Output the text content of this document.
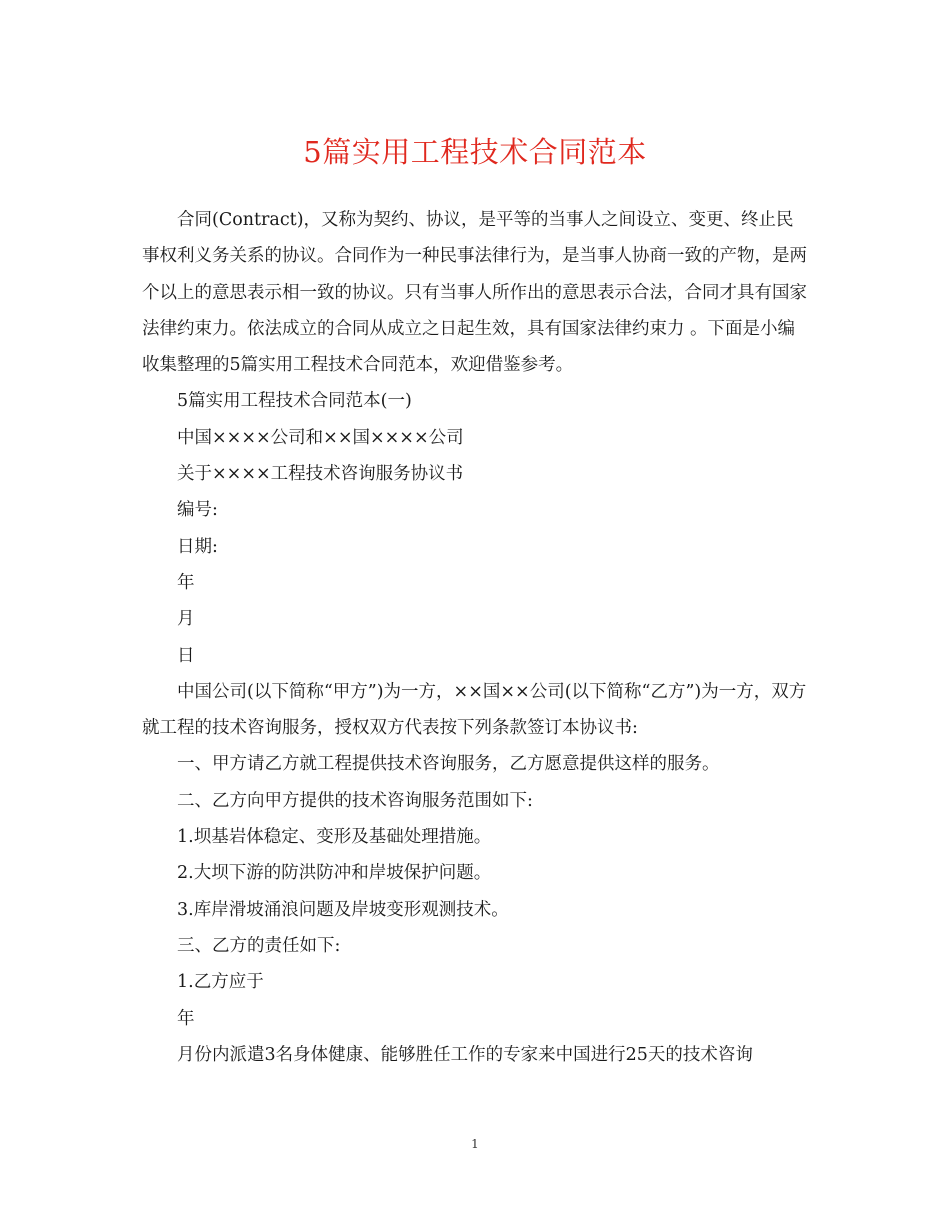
5篇实用工程技术合同范本

合同(Contract)，又称为契约、协议，是平等的当事人之间设立、变更、终止民事权利义务关系的协议。合同作为一种民事法律行为，是当事人协商一致的产物，是两个以上的意思表示相一致的协议。只有当事人所作出的意思表示合法，合同才具有国家法律约束力。依法成立的合同从成立之日起生效，具有国家法律约束力 。下面是小编收集整理的5篇实用工程技术合同范本，欢迎借鉴参考。

5篇实用工程技术合同范本(一)

中国××××公司和××国××××公司

关于××××工程技术咨询服务协议书

编号:

日期:

年

月

日

中国公司(以下简称“甲方”)为一方，××国××公司(以下简称“乙方”)为一方，双方就工程的技术咨询服务，授权双方代表按下列条款签订本协议书:

一、甲方请乙方就工程提供技术咨询服务，乙方愿意提供这样的服务。

二、乙方向甲方提供的技术咨询服务范围如下:

1.坝基岩体稳定、变形及基础处理措施。

2.大坝下游的防洪防冲和岸坡保护问题。

3.库岸滑坡涌浪问题及岸坡变形观测技术。

三、乙方的责任如下:

1.乙方应于

年

月份内派遣3名身体健康、能够胜任工作的专家来中国进行25天的技术咨询

1
